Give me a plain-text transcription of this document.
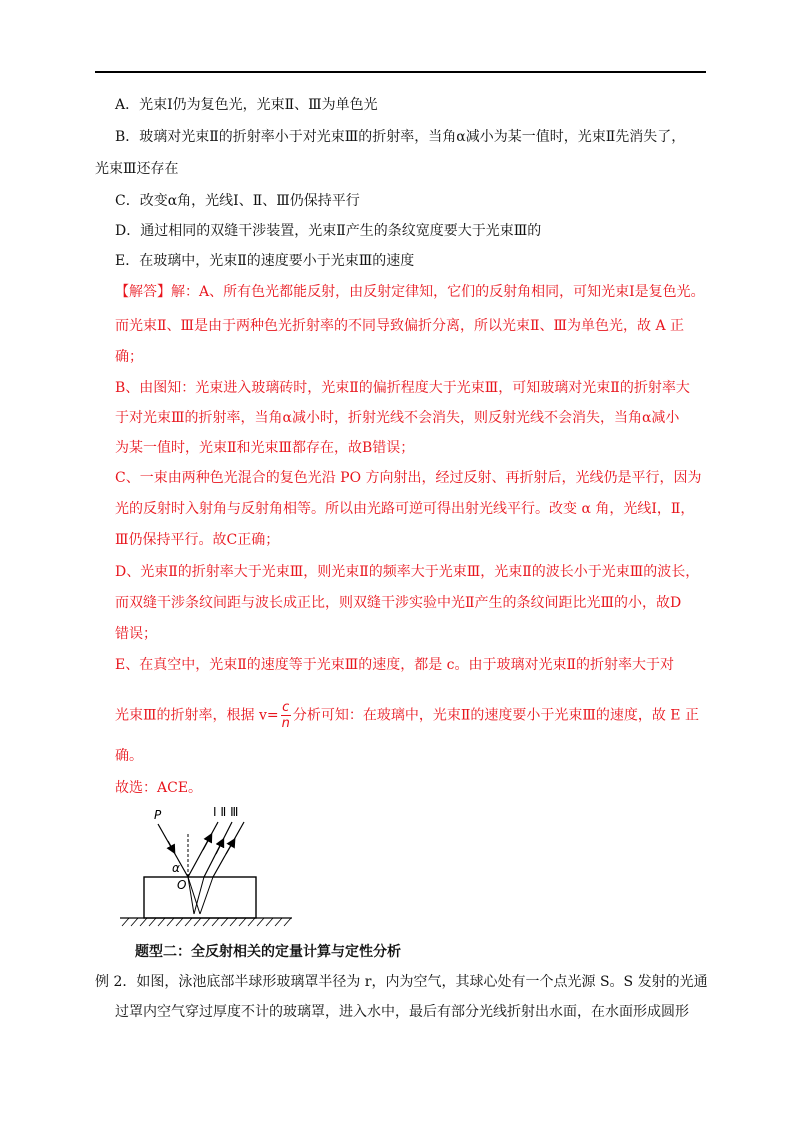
A．光束Ⅰ仍为复色光，光束Ⅱ、Ⅲ为单色光
B．玻璃对光束Ⅱ的折射率小于对光束Ⅲ的折射率，当角α减小为某一值时，光束Ⅱ先消失了，
光束Ⅲ还存在
C．改变α角，光线Ⅰ、Ⅱ、Ⅲ仍保持平行
D．通过相同的双缝干涉装置，光束Ⅱ产生的条纹宽度要大于光束Ⅲ的
E．在玻璃中，光束Ⅱ的速度要小于光束Ⅲ的速度
【解答】解：A、所有色光都能反射，由反射定律知，它们的反射角相同，可知光束Ⅰ是复色光。
而光束Ⅱ、Ⅲ是由于两种色光折射率的不同导致偏折分离，所以光束Ⅱ、Ⅲ为单色光，故 A 正
确；
B、由图知：光束进入玻璃砖时，光束Ⅱ的偏折程度大于光束Ⅲ，可知玻璃对光束Ⅱ的折射率大
于对光束Ⅲ的折射率，当角α减小时，折射光线不会消失，则反射光线不会消失，当角α减小
为某一值时，光束Ⅱ和光束Ⅲ都存在，故B错误；
C、一束由两种色光混合的复色光沿 PO 方向射出，经过反射、再折射后，光线仍是平行，因为
光的反射时入射角与反射角相等。所以由光路可逆可得出射光线平行。改变 α 角，光线Ⅰ，Ⅱ，
Ⅲ仍保持平行。故C正确；
D、光束Ⅱ的折射率大于光束Ⅲ，则光束Ⅱ的频率大于光束Ⅲ，光束Ⅱ的波长小于光束Ⅲ的波长，
而双缝干涉条纹间距与波长成正比，则双缝干涉实验中光Ⅱ产生的条纹间距比光Ⅲ的小，故D
错误；
E、在真空中，光束Ⅱ的速度等于光束Ⅲ的速度，都是 c。由于玻璃对光束Ⅱ的折射率大于对
光束Ⅲ的折射率，根据 $v= \frac{c}{n}$ 分析可知：在玻璃中，光束Ⅱ的速度要小于光束Ⅲ的速度，故 E 正
确。
故选：ACE。
P
α
O
Ⅰ Ⅱ Ⅲ
题型二：全反射相关的定量计算与定性分析
例 2．如图，泳池底部半球形玻璃罩半径为 r，内为空气，其球心处有一个点光源 S。S 发射的光通
过罩内空气穿过厚度不计的玻璃罩，进入水中，最后有部分光线折射出水面，在水面形成圆形
